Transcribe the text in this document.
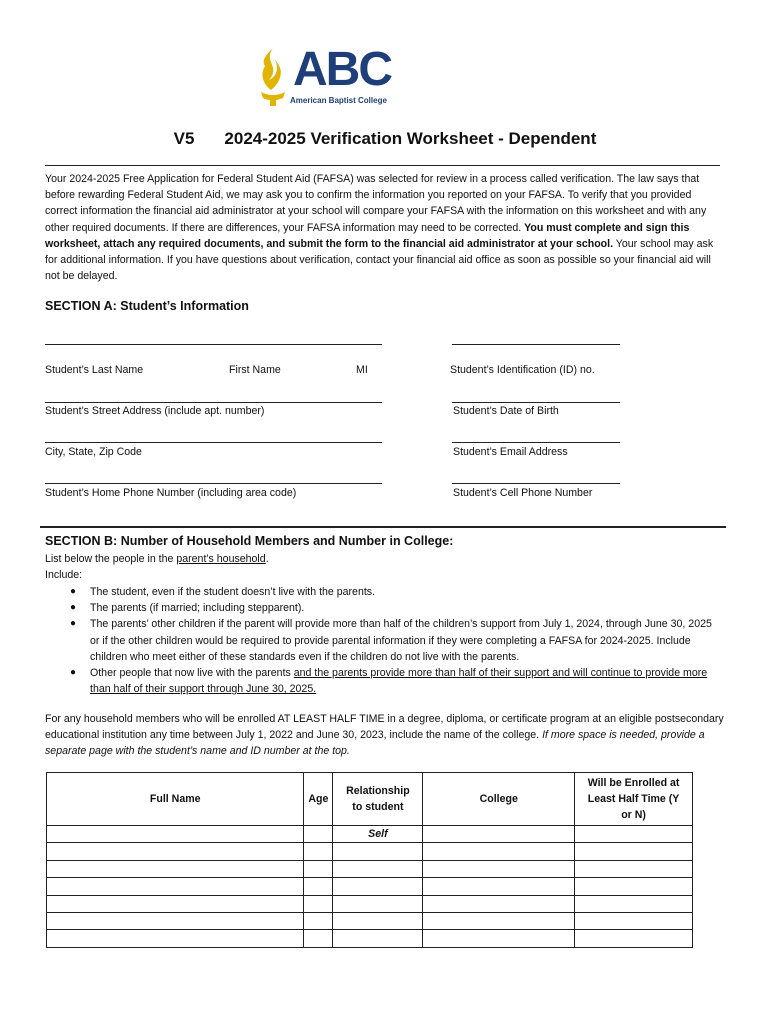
ABC
American Baptist College
V5 2024-2025 Verification Worksheet - Dependent
Your 2024-2025 Free Application for Federal Student Aid (FAFSA) was selected for review in a process called verification. The law says that before rewarding Federal Student Aid, we may ask you to confirm the information you reported on your FAFSA. To verify that you provided correct information the financial aid administrator at your school will compare your FAFSA with the information on this worksheet and with any other required documents. If there are differences, your FAFSA information may need to be corrected. You must complete and sign this worksheet, attach any required documents, and submit the form to the financial aid administrator at your school. Your school may ask for additional information. If you have questions about verification, contact your financial aid office as soon as possible so your financial aid will not be delayed.
SECTION A: Student’s Information
Student’s Last Name	First Name	MI	Student’s Identification (ID) no.
Student’s Street Address (include apt. number)	Student’s Date of Birth
City, State, Zip Code	Student’s Email Address
Student’s Home Phone Number (including area code)	Student’s Cell Phone Number
SECTION B: Number of Household Members and Number in College:
List below the people in the parent’s household.
Include:
● The student, even if the student doesn’t live with the parents.
● The parents (if married; including stepparent).
● The parents’ other children if the parent will provide more than half of the children’s support from July 1, 2024, through June 30, 2025 or if the other children would be required to provide parental information if they were completing a FAFSA for 2024-2025. Include children who meet either of these standards even if the children do not live with the parents.
● Other people that now live with the parents and the parents provide more than half of their support and will continue to provide more than half of their support through June 30, 2025.
For any household members who will be enrolled AT LEAST HALF TIME in a degree, diploma, or certificate program at an eligible postsecondary educational institution any time between July 1, 2022 and June 30, 2023, include the name of the college. If more space is needed, provide a separate page with the student’s name and ID number at the top.
Full Name	Age	Relationship to student	College	Will be Enrolled at Least Half Time (Y or N)
		Self		
